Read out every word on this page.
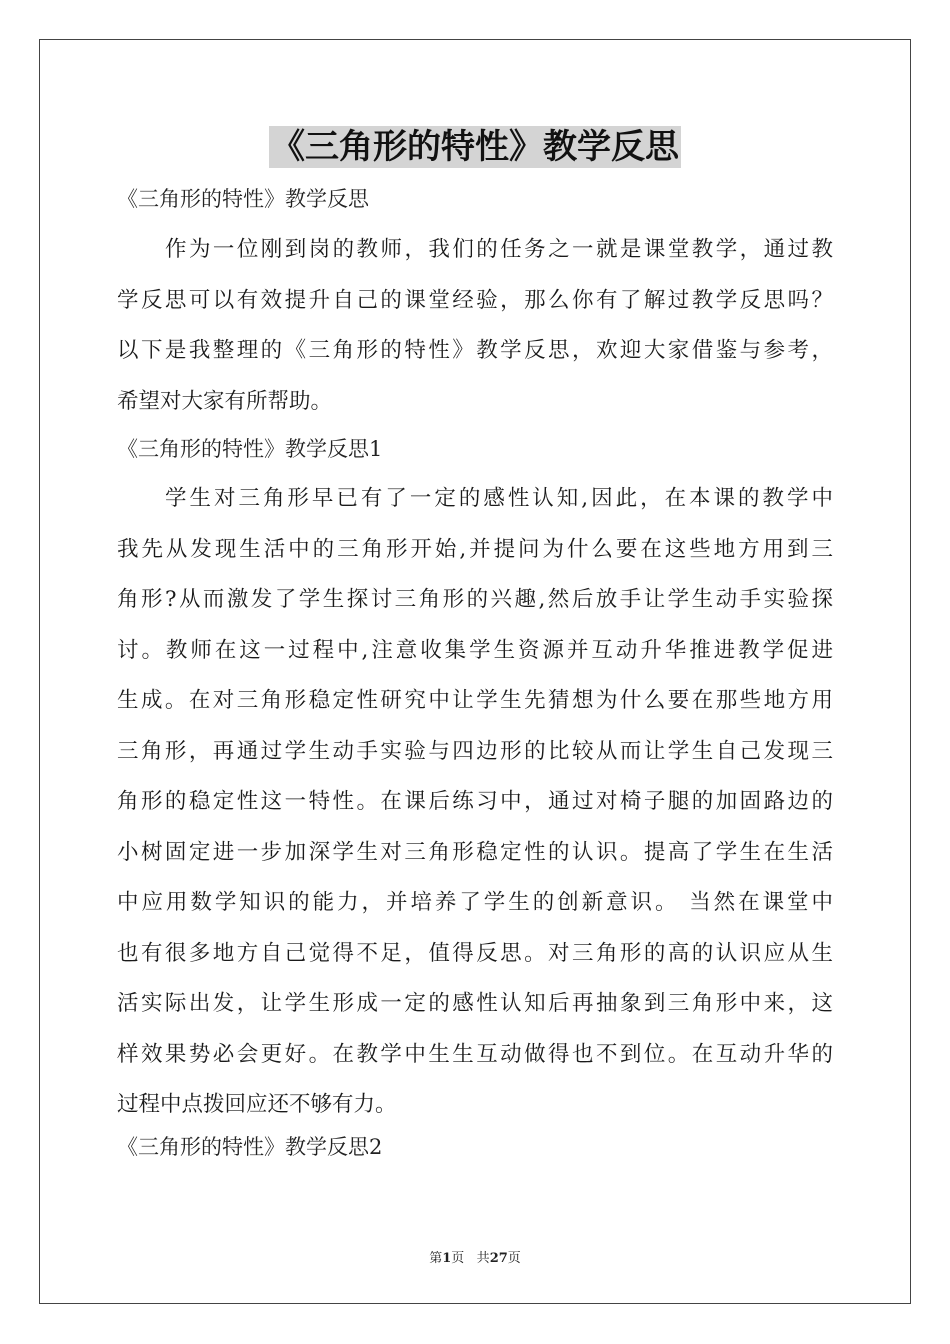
《三角形的特性》教学反思
《三角形的特性》教学反思
作为一位刚到岗的教师，我们的任务之一就是课堂教学，通过教
学反思可以有效提升自己的课堂经验，那么你有了解过教学反思吗？
以下是我整理的《三角形的特性》教学反思，欢迎大家借鉴与参考，
希望对大家有所帮助。
《三角形的特性》教学反思1
学生对三角形早已有了一定的感性认知,因此，在本课的教学中
我先从发现生活中的三角形开始,并提问为什么要在这些地方用到三
角形?从而激发了学生探讨三角形的兴趣,然后放手让学生动手实验探
讨。教师在这一过程中,注意收集学生资源并互动升华推进教学促进
生成。在对三角形稳定性研究中让学生先猜想为什么要在那些地方用
三角形，再通过学生动手实验与四边形的比较从而让学生自己发现三
角形的稳定性这一特性。在课后练习中，通过对椅子腿的加固路边的
小树固定进一步加深学生对三角形稳定性的认识。提高了学生在生活
中应用数学知识的能力，并培养了学生的创新意识。 当然在课堂中
也有很多地方自己觉得不足，值得反思。对三角形的高的认识应从生
活实际出发，让学生形成一定的感性认知后再抽象到三角形中来，这
样效果势必会更好。在教学中生生互动做得也不到位。在互动升华的
过程中点拨回应还不够有力。
《三角形的特性》教学反思2
第1页 共27页
